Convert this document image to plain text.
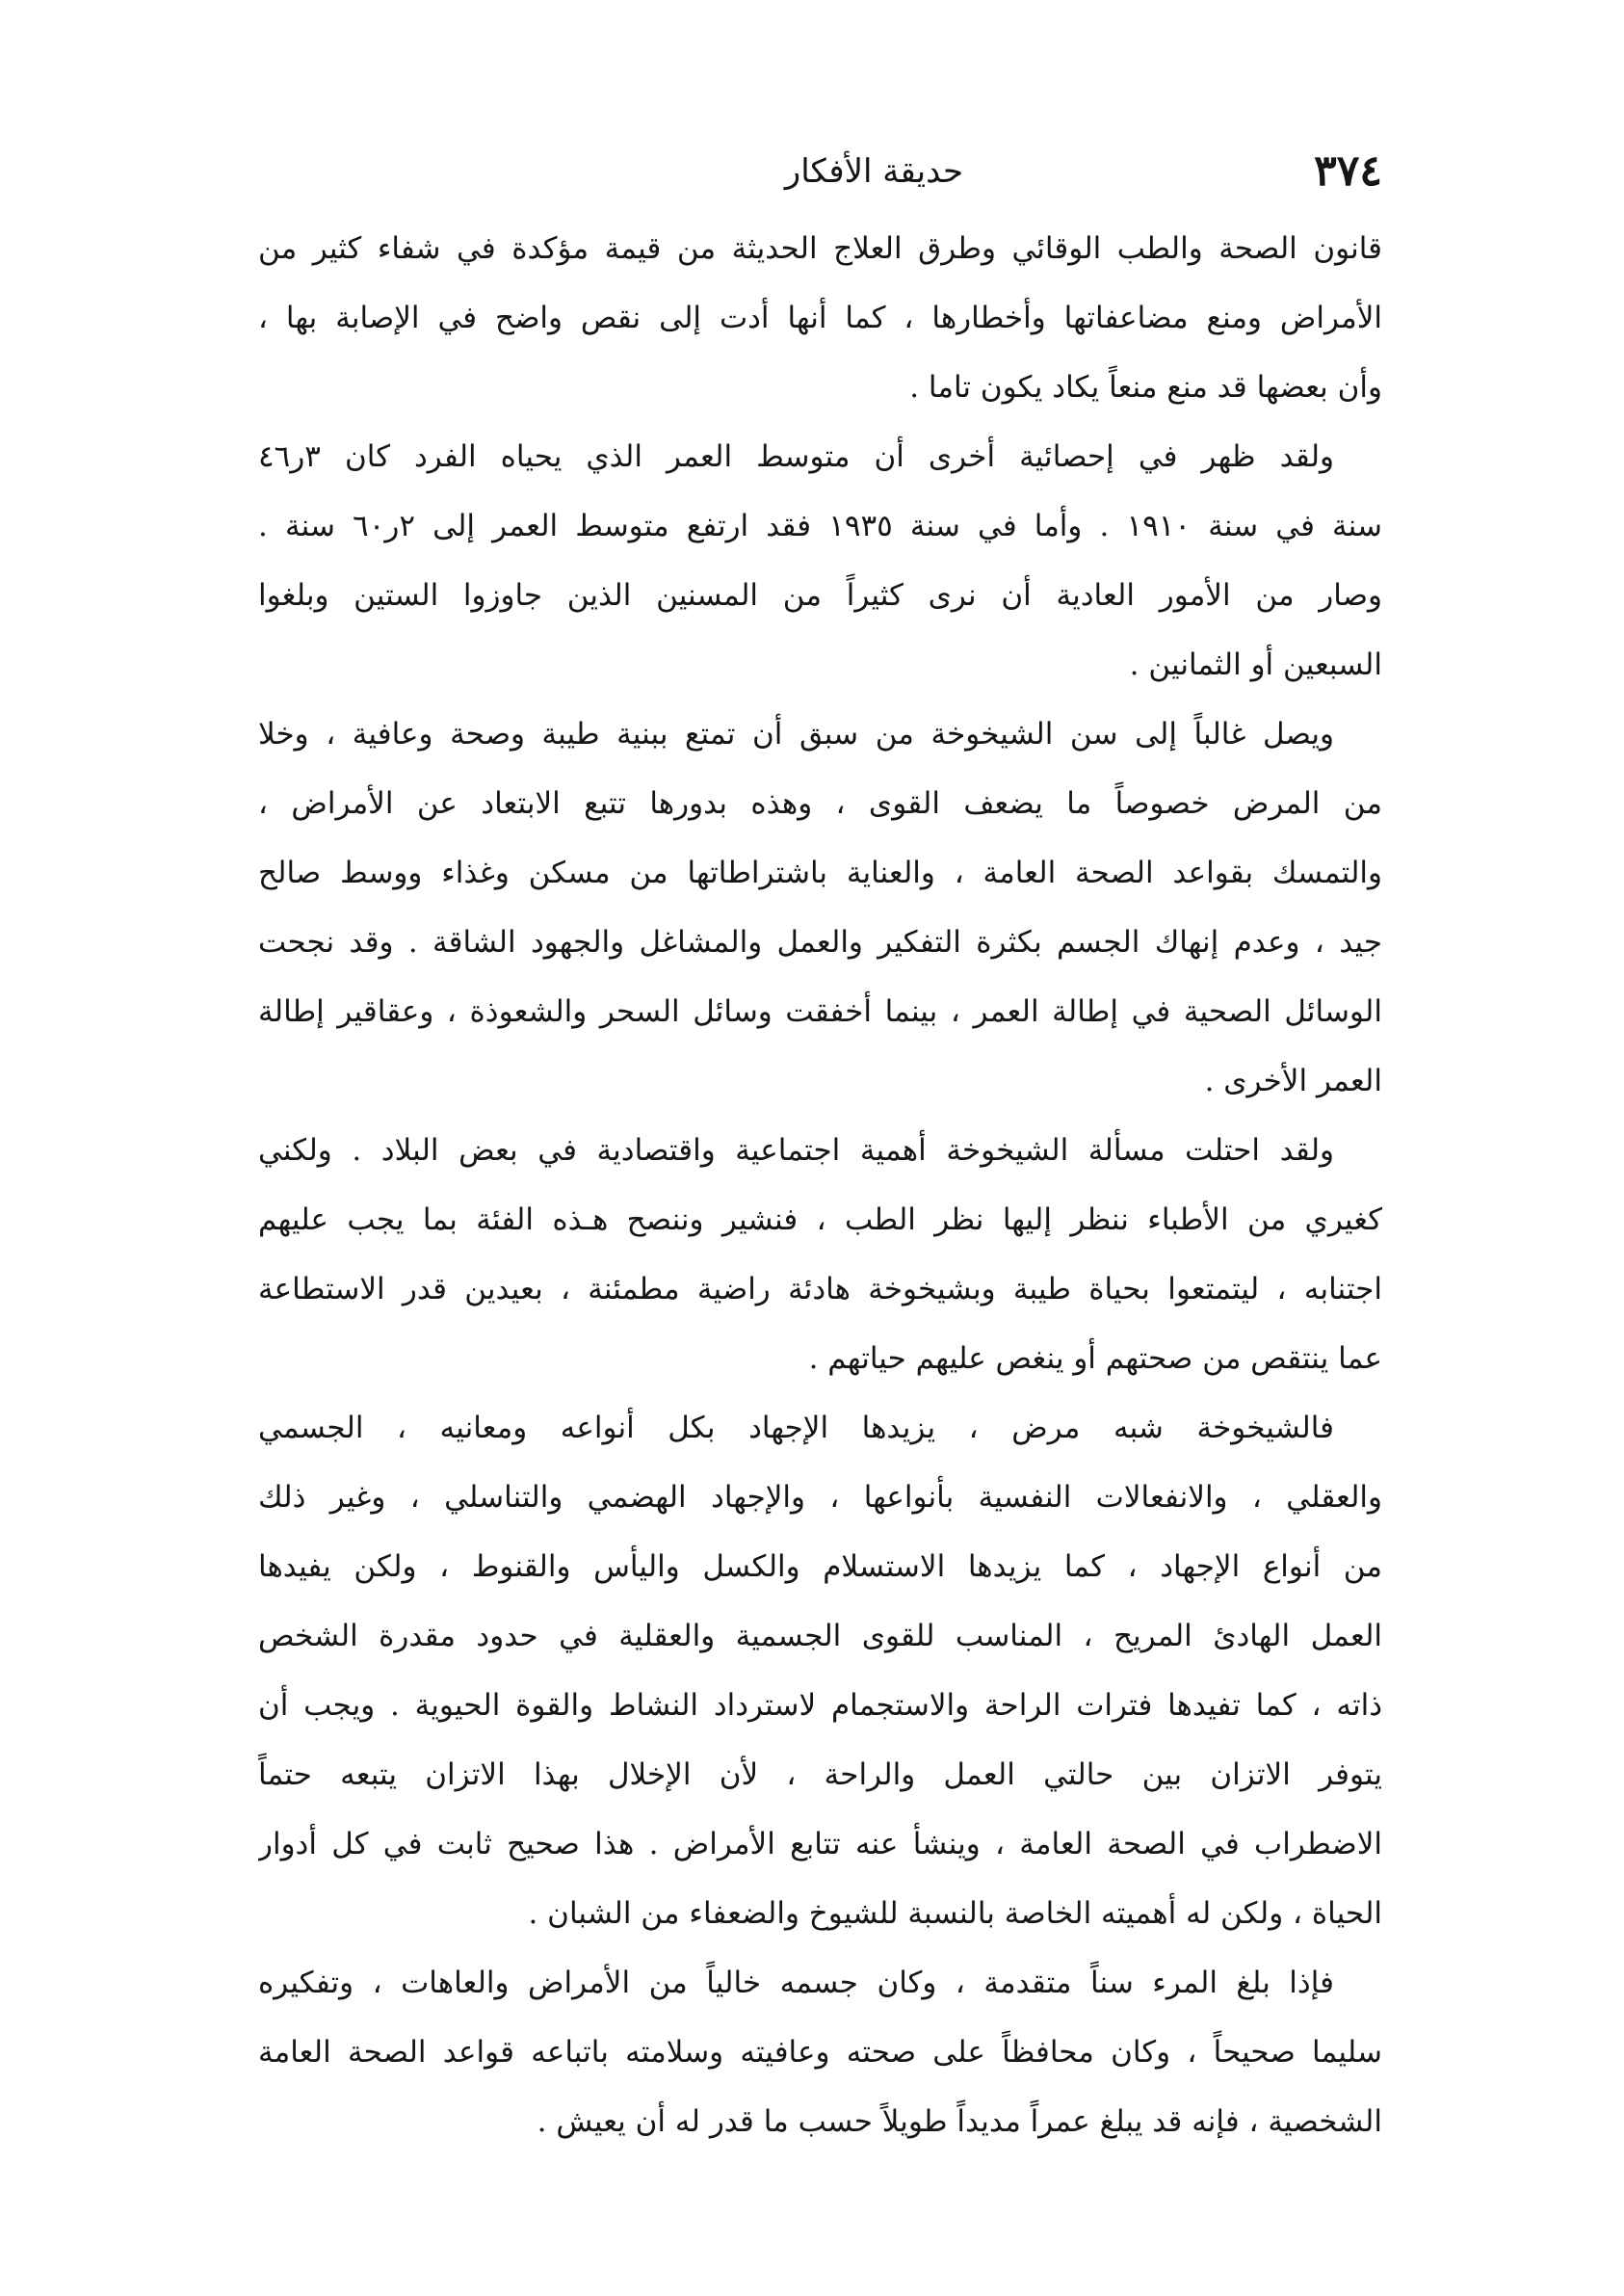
٣٧٤
حديقة الأفكار
قانون الصحة والطب الوقائي وطرق العلاج الحديثة من قيمة مؤكدة في شفاء كثير من
الأمراض ومنع مضاعفاتها وأخطارها ، كما أنها أدت إلى نقص واضح في الإصابة بها ،
وأن بعضها قد منع منعاً يكاد يكون تاما .
ولقد ظهر في إحصائية أخرى أن متوسط العمر الذي يحياه الفرد كان ٣ر٤٦
سنة في سنة ١٩١٠ . وأما في سنة ١٩٣٥ فقد ارتفع متوسط العمر إلى ٢ر٦٠ سنة .
وصار من الأمور العادية أن نرى كثيراً من المسنين الذين جاوزوا الستين وبلغوا
السبعين أو الثمانين .
ويصل غالباً إلى سن الشيخوخة من سبق أن تمتع ببنية طيبة وصحة وعافية ، وخلا
من المرض خصوصاً ما يضعف القوى ، وهذه بدورها تتبع الابتعاد عن الأمراض ،
والتمسك بقواعد الصحة العامة ، والعناية باشتراطاتها من مسكن وغذاء ووسط صالح
جيد ، وعدم إنهاك الجسم بكثرة التفكير والعمل والمشاغل والجهود الشاقة . وقد نجحت
الوسائل الصحية في إطالة العمر ، بينما أخفقت وسائل السحر والشعوذة ، وعقاقير إطالة
العمر الأخرى .
ولقد احتلت مسألة الشيخوخة أهمية اجتماعية واقتصادية في بعض البلاد . ولكني
كغيري من الأطباء ننظر إليها نظر الطب ، فنشير وننصح هـذه الفئة بما يجب عليهم
اجتنابه ، ليتمتعوا بحياة طيبة وبشيخوخة هادئة راضية مطمئنة ، بعيدين قدر الاستطاعة
عما ينتقص من صحتهم أو ينغص عليهم حياتهم .
فالشيخوخة شبه مرض ، يزيدها الإجهاد بكل أنواعه ومعانيه ، الجسمي
والعقلي ، والانفعالات النفسية بأنواعها ، والإجهاد الهضمي والتناسلي ، وغير ذلك
من أنواع الإجهاد ، كما يزيدها الاستسلام والكسل واليأس والقنوط ، ولكن يفيدها
العمل الهادئ المريح ، المناسب للقوى الجسمية والعقلية في حدود مقدرة الشخص
ذاته ، كما تفيدها فترات الراحة والاستجمام لاسترداد النشاط والقوة الحيوية . ويجب أن
يتوفر الاتزان بين حالتي العمل والراحة ، لأن الإخلال بهذا الاتزان يتبعه حتماً
الاضطراب في الصحة العامة ، وينشأ عنه تتابع الأمراض . هذا صحيح ثابت في كل أدوار
الحياة ، ولكن له أهميته الخاصة بالنسبة للشيوخ والضعفاء من الشبان .
فإذا بلغ المرء سناً متقدمة ، وكان جسمه خالياً من الأمراض والعاهات ، وتفكيره
سليما صحيحاً ، وكان محافظاً على صحته وعافيته وسلامته باتباعه قواعد الصحة العامة
الشخصية ، فإنه قد يبلغ عمراً مديداً طويلاً حسب ما قدر له أن يعيش .
